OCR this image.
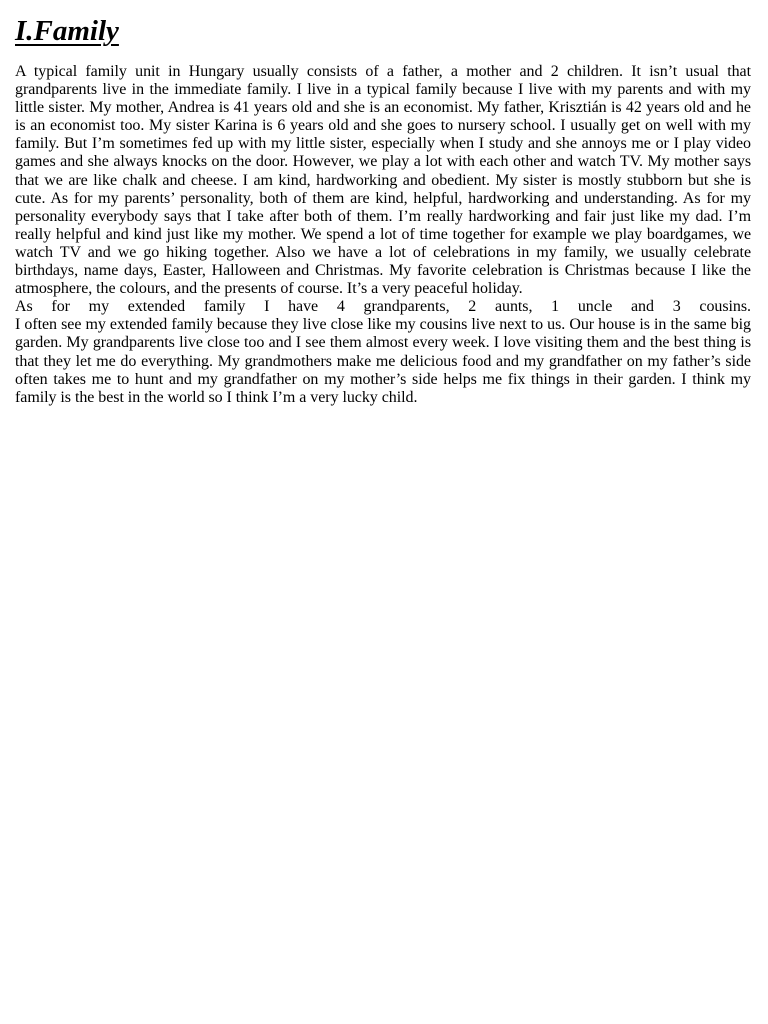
I.Family

A typical family unit in Hungary usually consists of a father, a mother and 2 children. It isn’t usual that grandparents live in the immediate family. I live in a typical family because I live with my parents and with my little sister. My mother, Andrea is 41 years old and she is an economist. My father, Krisztián is 42 years old and he is an economist too. My sister Karina is 6 years old and she goes to nursery school. I usually get on well with my family. But I’m sometimes fed up with my little sister, especially when I study and she annoys me or I play video games and she always knocks on the door. However, we play a lot with each other and watch TV. My mother says that we are like chalk and cheese. I am kind, hardworking and obedient. My sister is mostly stubborn but she is cute. As for my parents’ personality, both of them are kind, helpful, hardworking and understanding. As for my personality everybody says that I take after both of them. I’m really hardworking and fair just like my dad. I’m really helpful and kind just like my mother. We spend a lot of time together for example we play boardgames, we watch TV and we go hiking together. Also we have a lot of celebrations in my family, we usually celebrate birthdays, name days, Easter, Halloween and Christmas. My favorite celebration is Christmas because I like the atmosphere, the colours, and the presents of course. It’s a very peaceful holiday.

As for my extended family I have 4 grandparents, 2 aunts, 1 uncle and 3 cousins.

I often see my extended family because they live close like my cousins live next to us. Our house is in the same big garden. My grandparents live close too and I see them almost every week. I love visiting them and the best thing is that they let me do everything. My grandmothers make me delicious food and my grandfather on my father’s side often takes me to hunt and my grandfather on my mother’s side helps me fix things in their garden. I think my family is the best in the world so I think I’m a very lucky child.
